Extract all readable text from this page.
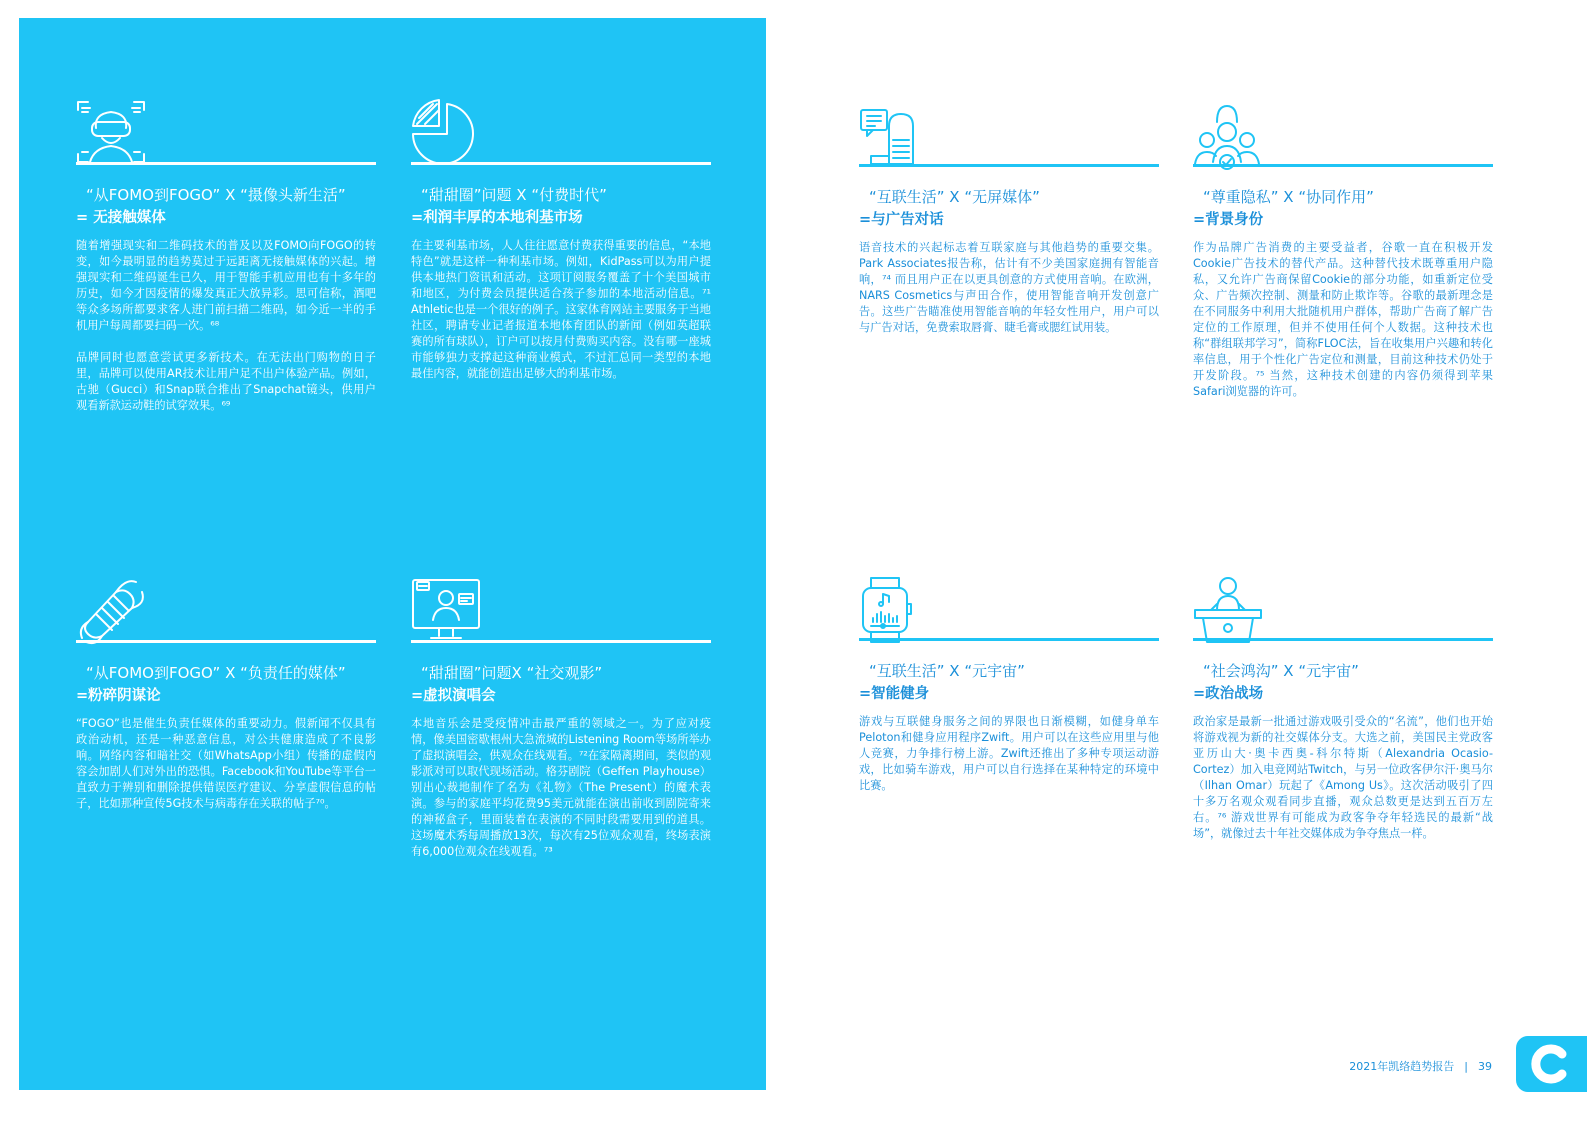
“从FOMO到FOGO” X “摄像头新生活”
= 无接触媒体

随着增强现实和二维码技术的普及以及FOMO向FOGO的转变，如今最明显的趋势莫过于远距离无接触媒体的兴起。增强现实和二维码诞生已久，用于智能手机应用也有十多年的历史，如今才因疫情的爆发真正大放异彩。思可信称，酒吧等众多场所都要求客人进门前扫描二维码，如今近一半的手机用户每周都要扫码一次。⁶⁸

品牌同时也愿意尝试更多新技术。在无法出门购物的日子里，品牌可以使用AR技术让用户足不出户体验产品。例如，古驰（Gucci）和Snap联合推出了Snapchat镜头，供用户观看新款运动鞋的试穿效果。⁶⁹

“甜甜圈”问题 X “付费时代”
=利润丰厚的本地利基市场

在主要利基市场，人人往往愿意付费获得重要的信息，“本地特色”就是这样一种利基市场。例如，KidPass可以为用户提供本地热门资讯和活动。这项订阅服务覆盖了十个美国城市和地区，为付费会员提供适合孩子参加的本地活动信息。⁷¹ Athletic也是一个很好的例子。这家体育网站主要服务于当地社区，聘请专业记者报道本地体育团队的新闻（例如英超联赛的所有球队），订户可以按月付费购买内容。没有哪一座城市能够独力支撑起这种商业模式，不过汇总同一类型的本地最佳内容，就能创造出足够大的利基市场。

“互联生活” X “无屏媒体”
=与广告对话

语音技术的兴起标志着互联家庭与其他趋势的重要交集。Park Associates报告称，估计有不少美国家庭拥有智能音响，⁷⁴ 而且用户正在以更具创意的方式使用音响。在欧洲，NARS Cosmetics与声田合作，使用智能音响开发创意广告。这些广告瞄准使用智能音响的年轻女性用户，用户可以与广告对话，免费索取唇膏、睫毛膏或腮红试用装。

“尊重隐私” X “协同作用”
=背景身份

作为品牌广告消费的主要受益者，谷歌一直在积极开发Cookie广告技术的替代产品。这种替代技术既尊重用户隐私，又允许广告商保留Cookie的部分功能，如重新定位受众、广告频次控制、测量和防止欺诈等。谷歌的最新理念是在不同服务中利用大批随机用户群体，帮助广告商了解广告定位的工作原理，但并不使用任何个人数据。这种技术也称“群组联邦学习”，简称FLOC法，旨在收集用户兴趣和转化率信息，用于个性化广告定位和测量，目前这种技术仍处于开发阶段。⁷⁵ 当然，这种技术创建的内容仍须得到苹果Safari浏览器的许可。

“从FOMO到FOGO” X “负责任的媒体”
=粉碎阴谋论

“FOGO”也是催生负责任媒体的重要动力。假新闻不仅具有政治动机，还是一种恶意信息，对公共健康造成了不良影响。网络内容和暗社交（如WhatsApp小组）传播的虚假内容会加剧人们对外出的恐惧。Facebook和YouTube等平台一直致力于辨别和删除提供错误医疗建议、分享虚假信息的帖子，比如那种宣传5G技术与病毒存在关联的帖子⁷⁰。

“甜甜圈”问题X “社交观影”
=虚拟演唱会

本地音乐会是受疫情冲击最严重的领域之一。为了应对疫情，像美国密歇根州大急流城的Listening Room等场所举办了虚拟演唱会，供观众在线观看。⁷²在家隔离期间，类似的观影派对可以取代现场活动。格芬剧院（Geffen Playhouse）别出心裁地制作了名为《礼物》（The Present）的魔术表演。参与的家庭平均花费95美元就能在演出前收到剧院寄来的神秘盒子，里面装着在表演的不同时段需要用到的道具。这场魔术秀每周播放13次，每次有25位观众观看，终场表演有6,000位观众在线观看。⁷³

“互联生活” X “元宇宙”
=智能健身

游戏与互联健身服务之间的界限也日渐模糊，如健身单车Peloton和健身应用程序Zwift。用户可以在这些应用里与他人竞赛，力争排行榜上游。Zwift还推出了多种专项运动游戏，比如骑车游戏，用户可以自行选择在某种特定的环境中比赛。

“社会鸿沟” X “元宇宙”
=政治战场

政治家是最新一批通过游戏吸引受众的“名流”，他们也开始将游戏视为新的社交媒体分支。大选之前，美国民主党政客亚历山大·奥卡西奥-科尔特斯（Alexandria Ocasio-Cortez）加入电竞网站Twitch，与另一位政客伊尔汗·奥马尔（Ilhan Omar）玩起了《Among Us》。这次活动吸引了四十多万名观众观看同步直播，观众总数更是达到五百万左右。⁷⁶ 游戏世界有可能成为政客争夺年轻选民的最新“战场”，就像过去十年社交媒体成为争夺焦点一样。

2021年凯络趋势报告 | 39
